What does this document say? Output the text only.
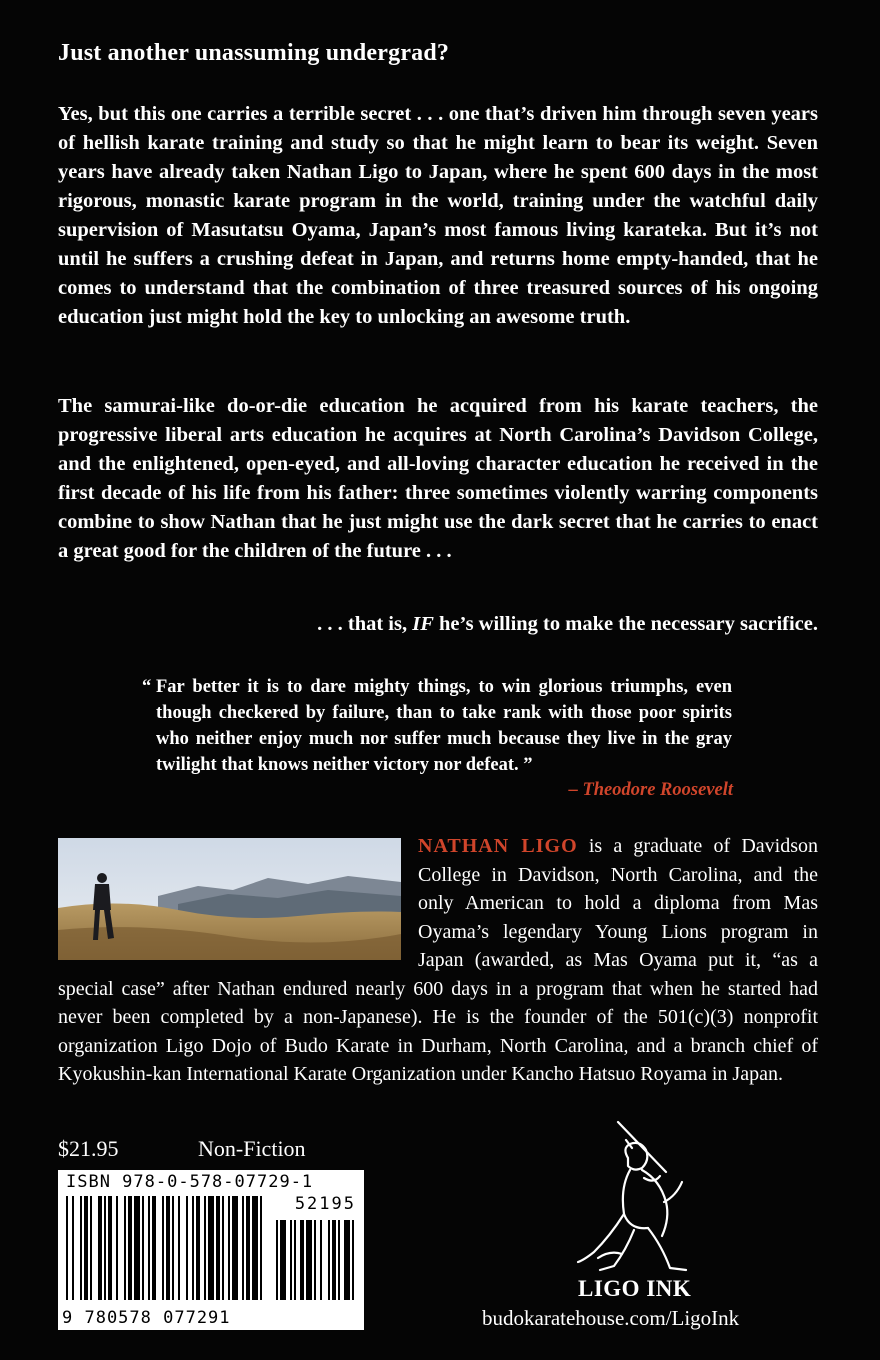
Just another unassuming undergrad?

Yes, but this one carries a terrible secret . . . one that’s driven him through seven years of hellish karate training and study so that he might learn to bear its weight. Seven years have already taken Nathan Ligo to Japan, where he spent 600 days in the most rigorous, monastic karate program in the world, training under the watchful daily supervision of Masutatsu Oyama, Japan’s most famous living karateka. But it’s not until he suffers a crushing defeat in Japan, and returns home empty-handed, that he comes to understand that the combination of three treasured sources of his ongoing education just might hold the key to unlocking an awesome truth.

The samurai-like do-or-die education he acquired from his karate teachers, the progressive liberal arts education he acquires at North Carolina’s Davidson College, and the enlightened, open-eyed, and all-loving character education he received in the first decade of his life from his father: three sometimes violently warring components combine to show Nathan that he just might use the dark secret that he carries to enact a great good for the children of the future . . .

. . . that is, IF he’s willing to make the necessary sacrifice.

“ Far better it is to dare mighty things, to win glorious triumphs, even though checkered by failure, than to take rank with those poor spirits who neither enjoy much nor suffer much because they live in the gray twilight that knows neither victory nor defeat. ”

– Theodore Roosevelt

NATHAN LIGO is a graduate of Davidson College in Davidson, North Carolina, and the only American to hold a diploma from Mas Oyama’s legendary Young Lions program in Japan (awarded, as Mas Oyama put it, “as a special case” after Nathan endured nearly 600 days in a program that when he started had never been completed by a non-Japanese). He is the founder of the 501(c)(3) nonprofit organization Ligo Dojo of Budo Karate in Durham, North Carolina, and a branch chief of Kyokushin-kan International Karate Organization under Kancho Hatsuo Royama in Japan.

$21.95	Non-Fiction
ISBN 978-0-578-07729-1
52195
9 780578 077291
LIGO INK
budokaratehouse.com/LigoInk
